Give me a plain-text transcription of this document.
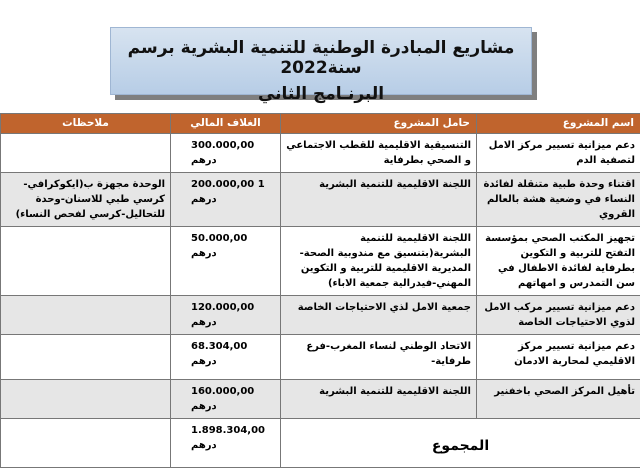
مشاريع المبادرة الوطنية للتنمية البشرية برسم سنة2022
البرنـامج الثاني
اسم المشروع	حامل المشروع	الغلاف المالي	ملاحظات
دعم ميزانية تسيير مركز الامل لتصفية الدم	التنسيقية الاقليمية للقطب الاجتماعي و الصحي بطرفاية	300.000,00 درهم	
اقتناء وحدة طبية متنقلة لفائدة النساء في وضعية هشة بالعالم القروي	اللجنة الاقليمية للتنمية البشرية	1 200.000,00 درهم	الوحدة مجهزة ب(ايكوكرافي- كرسي طبي للاسنان-وحدة للتحاليل-كرسي لفحص النساء)
تجهيز المكتب الصحي بمؤسسة التفتح للتربية و التكوين بطرفاية لفائدة الاطفال في سن التمدرس و امهاتهم	اللجنة الاقليمية للتنمية البشرية(بتنسيق مع مندوبية الصحة-المديرية الاقليمية للتربية و التكوين المهني-فيدرالية جمعية الاباء)	50.000,00 درهم	
دعم ميزانية تسيير مركب الامل لذوي الاحتياجات الخاصة	جمعية الامل لذي الاحتياجات الخاصة	120.000,00 درهم	
دعم ميزانية تسيير مركز الاقليمي لمحاربة الادمان	الاتحاد الوطني لنساء المغرب-فرع طرفاية-	68.304,00 درهم	
تأهيل المركز الصحي باخفنير	اللجنة الاقليمية للتنمية البشرية	160.000,00 درهم	
المجموع		1.898.304,00 درهم	
